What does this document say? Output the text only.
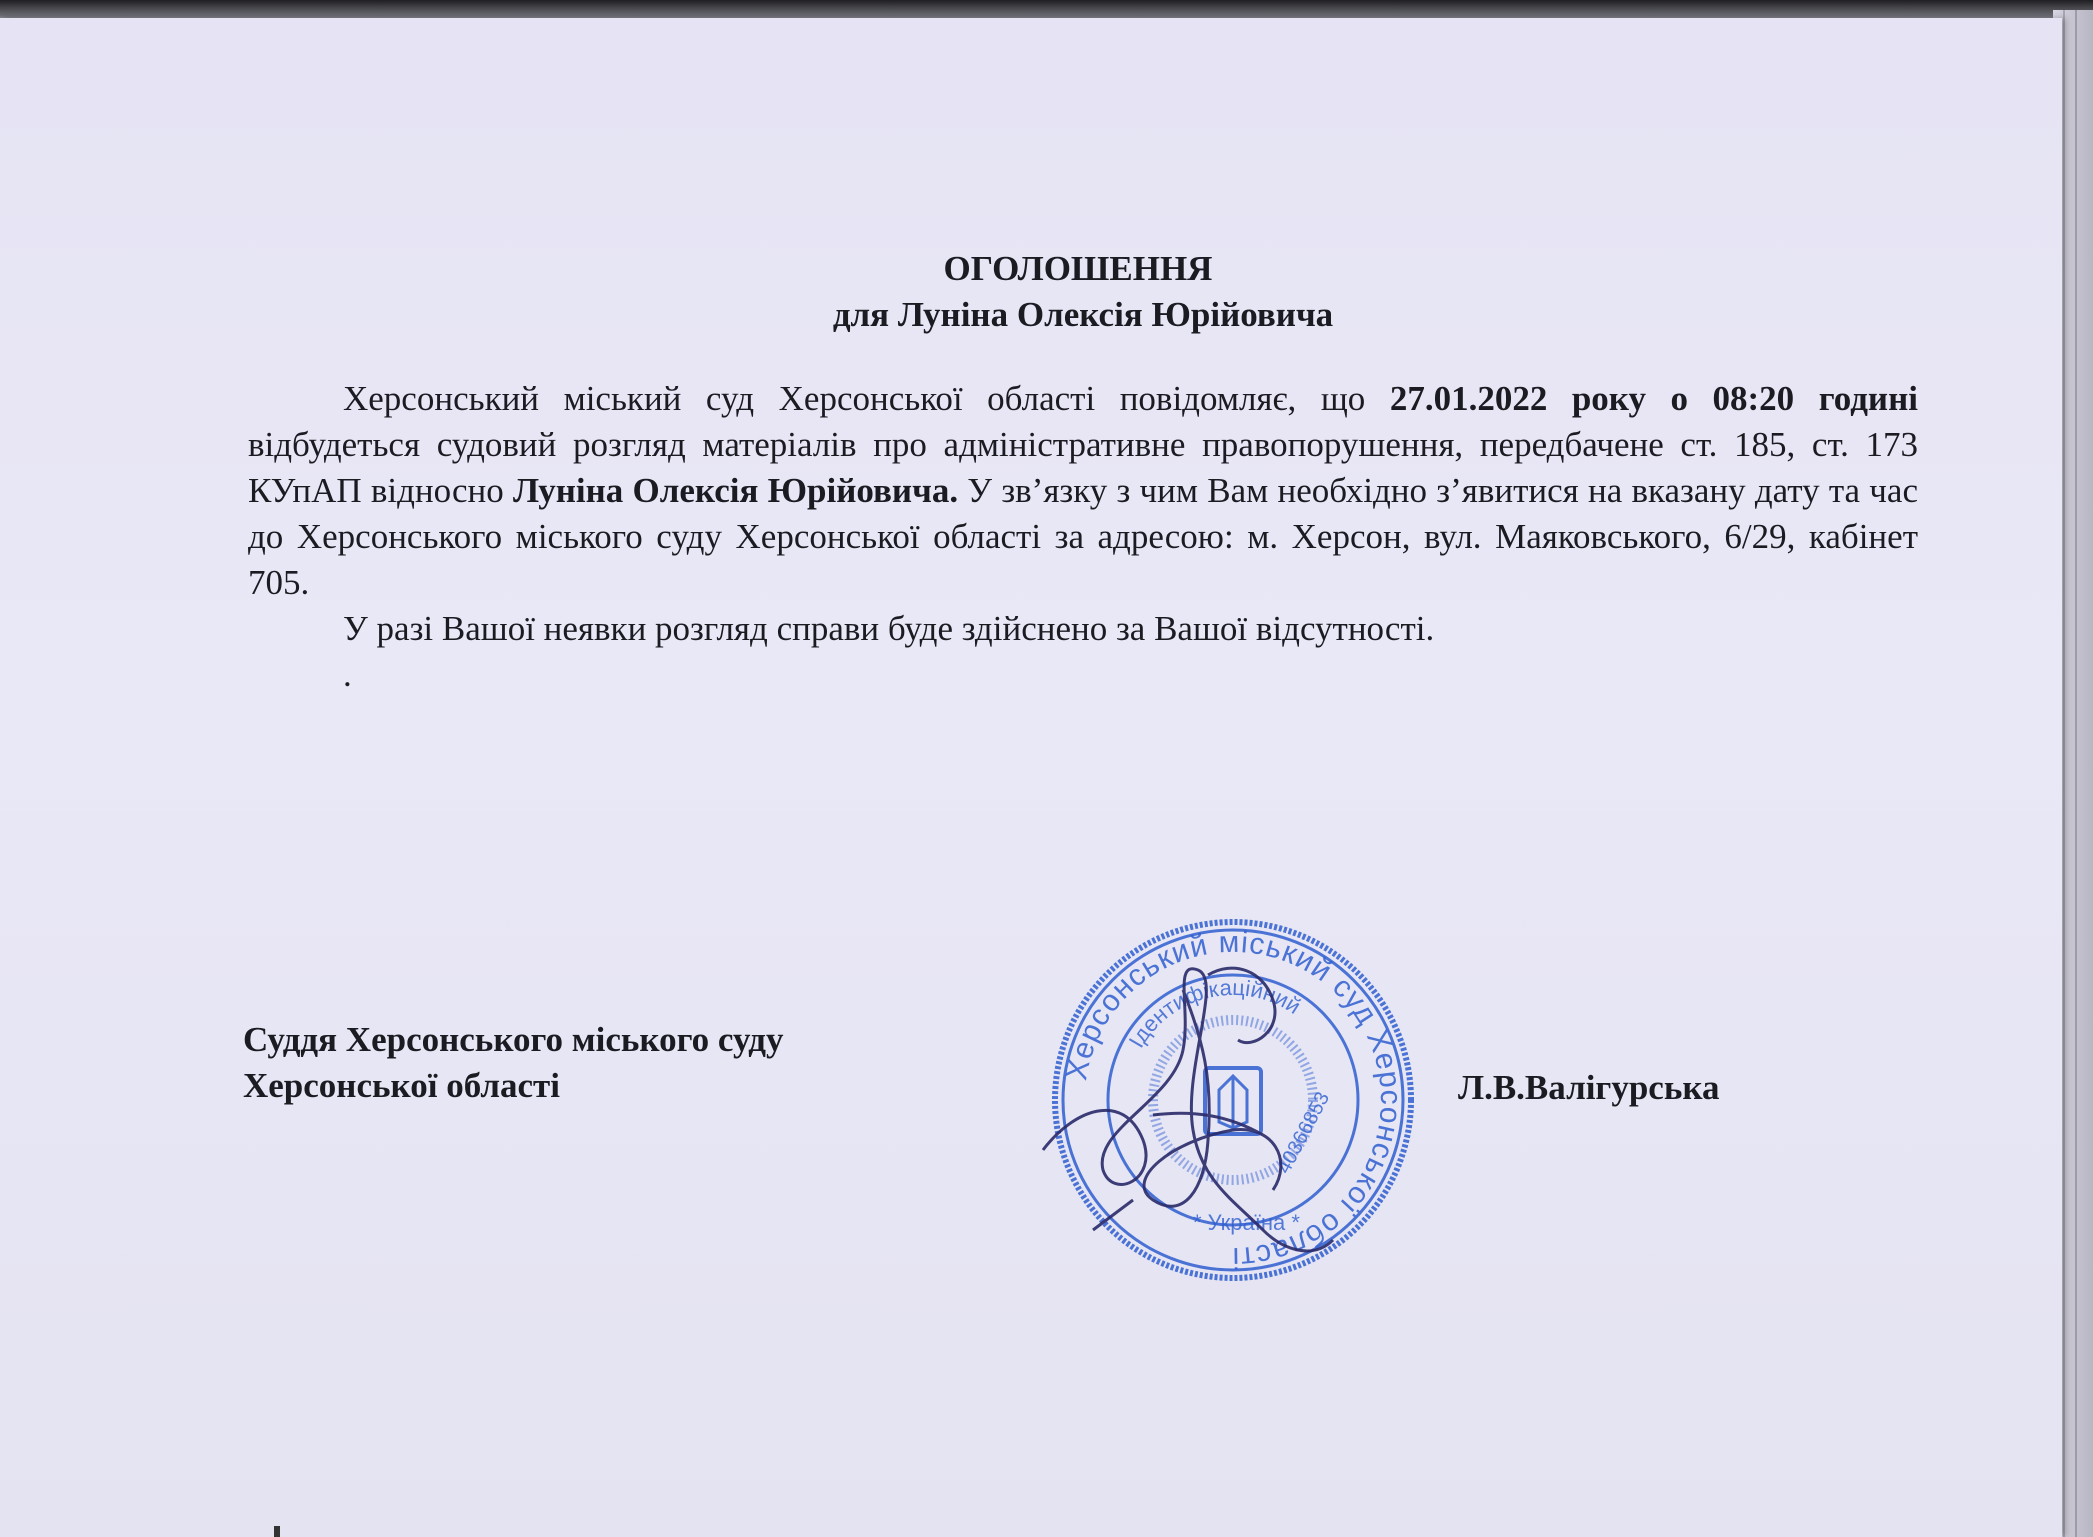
ОГОЛОШЕННЯ
для Луніна Олексія Юрійовича

Херсонський міський суд Херсонської області повідомляє, що 27.01.2022 року о 08:20 годині відбудеться судовий розгляд матеріалів про адміністративне правопорушення, передбачене ст. 185, ст. 173 КУпАП відносно Луніна Олексія Юрійовича. У зв’язку з чим Вам необхідно з’явитися на вказану дату та час до Херсонського міського суду Херсонської області за адресою: м. Херсон, вул. Маяковського, 6/29, кабінет 705.

У разі Вашої неявки розгляд справи буде здійснено за Вашої відсутності.

.

Суддя Херсонського міського суду
Херсонської області	Л.В.Валігурська
Херсонський міський суд Херсонської області
Ідентифікаційний
40366853
* Україна *
